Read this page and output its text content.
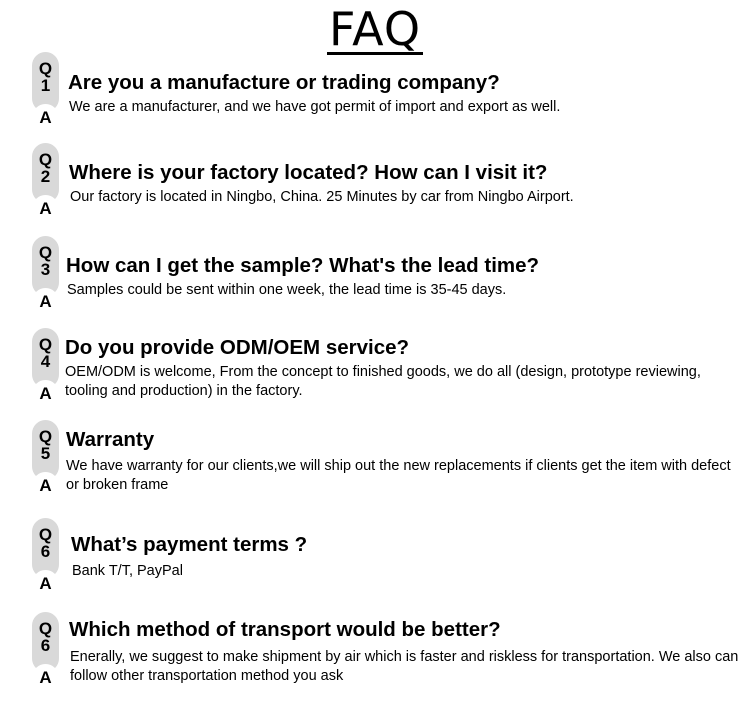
FAQ
Q
1
A
Are you a manufacture or trading company?
We are a manufacturer, and we have got permit of import and export as well.
Q
2
A
Where is your factory located? How can I visit it?
Our factory is located in Ningbo, China. 25 Minutes by car from Ningbo Airport.
Q
3
A
How can I get the sample? What's the lead time?
Samples could be sent within one week, the lead time is 35-45 days.
Q
4
A
Do you provide ODM/OEM service?
OEM/ODM is welcome, From the concept to finished goods, we do all (design, prototype reviewing, tooling and production) in the factory.
Q
5
A
Warranty
We have warranty for our clients,we will ship out the new replacements if clients get the item with defect or broken frame
Q
6
A
What’s payment terms ?
Bank T/T, PayPal
Q
6
A
Which method of transport would be better?
Enerally, we suggest to make shipment by air which is faster and riskless for transportation. We also can follow other transportation method you ask
